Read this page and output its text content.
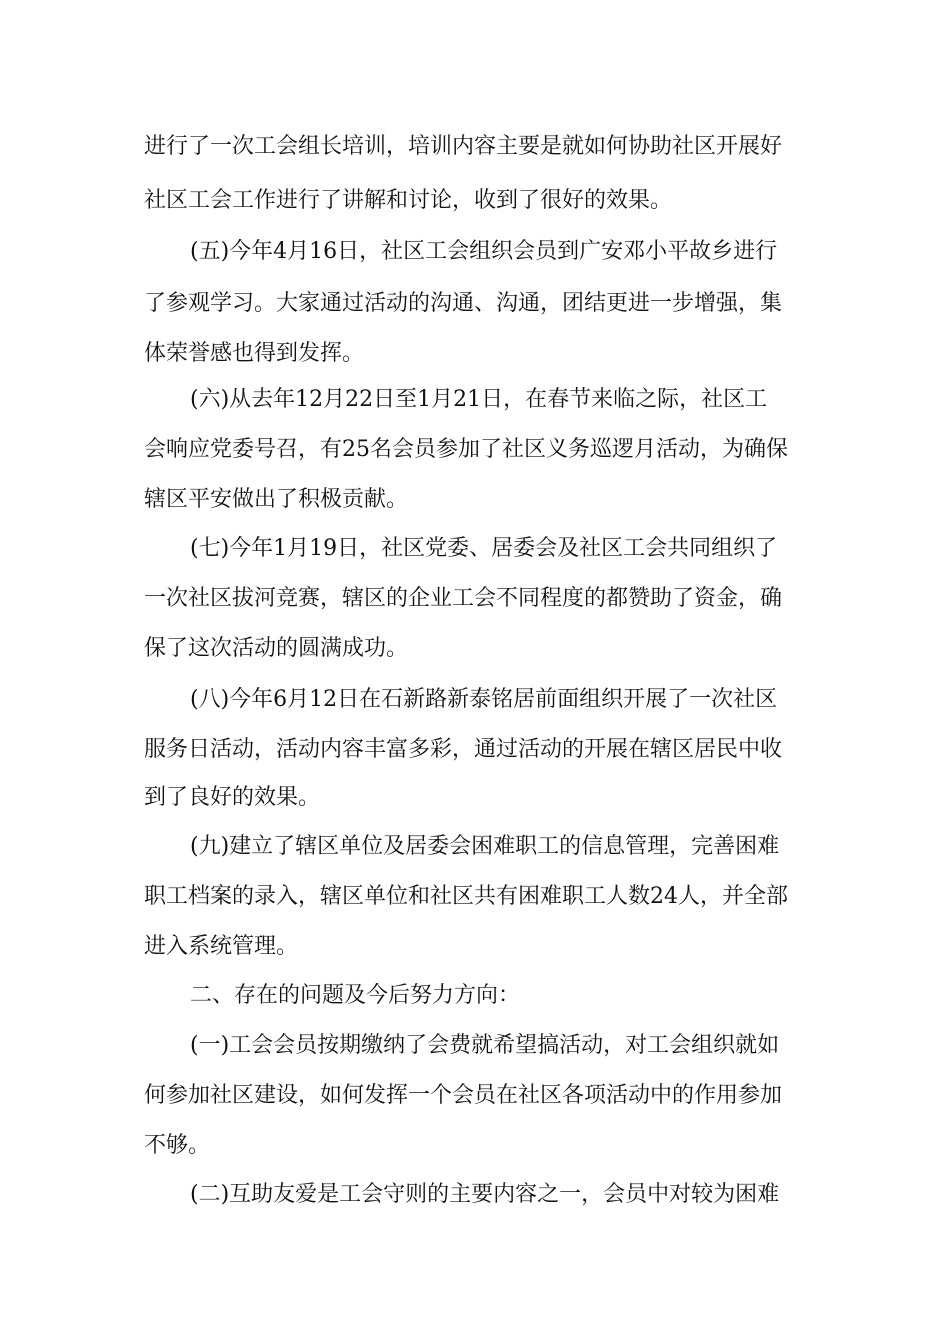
进行了一次工会组长培训，培训内容主要是就如何协助社区开展好
社区工会工作进行了讲解和讨论，收到了很好的效果。
(五)今年4月16日，社区工会组织会员到广安邓小平故乡进行
了参观学习。大家通过活动的沟通、沟通，团结更进一步增强，集
体荣誉感也得到发挥。
(六)从去年12月22日至1月21日，在春节来临之际，社区工
会响应党委号召，有25名会员参加了社区义务巡逻月活动，为确保
辖区平安做出了积极贡献。
(七)今年1月19日，社区党委、居委会及社区工会共同组织了
一次社区拔河竞赛，辖区的企业工会不同程度的都赞助了资金，确
保了这次活动的圆满成功。
(八)今年6月12日在石新路新泰铭居前面组织开展了一次社区
服务日活动，活动内容丰富多彩，通过活动的开展在辖区居民中收
到了良好的效果。
(九)建立了辖区单位及居委会困难职工的信息管理，完善困难
职工档案的录入，辖区单位和社区共有困难职工人数24人，并全部
进入系统管理。
二、存在的问题及今后努力方向：
(一)工会会员按期缴纳了会费就希望搞活动，对工会组织就如
何参加社区建设，如何发挥一个会员在社区各项活动中的作用参加
不够。
(二)互助友爱是工会守则的主要内容之一，会员中对较为困难
